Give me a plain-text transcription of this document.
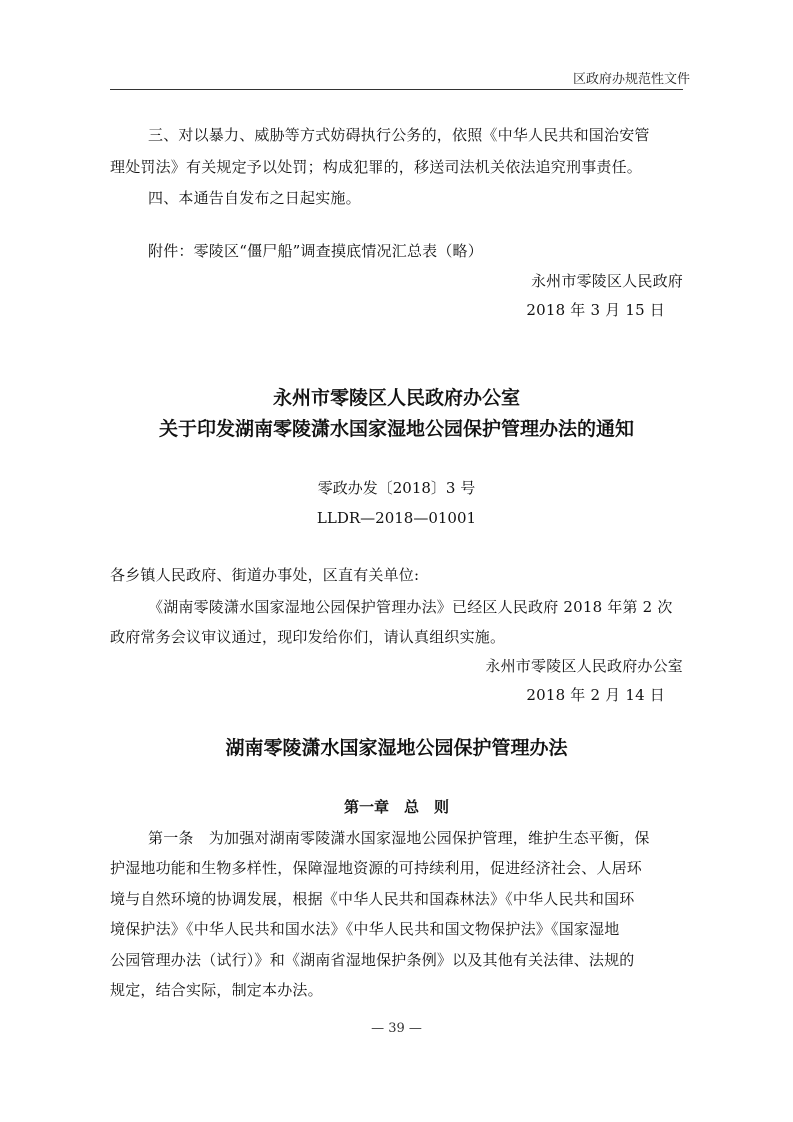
区政府办规范性文件
三、对以暴力、威胁等方式妨碍执行公务的，依照《中华人民共和国治安管
理处罚法》有关规定予以处罚；构成犯罪的，移送司法机关依法追究刑事责任。
四、本通告自发布之日起实施。
附件：零陵区“僵尸船”调查摸底情况汇总表（略）
永州市零陵区人民政府
2018 年 3 月 15 日
永州市零陵区人民政府办公室
关于印发湖南零陵潇水国家湿地公园保护管理办法的通知
零政办发〔2018〕3 号
LLDR—2018—01001
各乡镇人民政府、街道办事处，区直有关单位:
《湖南零陵潇水国家湿地公园保护管理办法》已经区人民政府 2018 年第 2 次
政府常务会议审议通过，现印发给你们，请认真组织实施。
永州市零陵区人民政府办公室
2018 年 2 月 14 日
湖南零陵潇水国家湿地公园保护管理办法
第一章　总　则
第一条　为加强对湖南零陵潇水国家湿地公园保护管理，维护生态平衡，保
护湿地功能和生物多样性，保障湿地资源的可持续利用，促进经济社会、人居环
境与自然环境的协调发展，根据《中华人民共和国森林法》《中华人民共和国环
境保护法》《中华人民共和国水法》《中华人民共和国文物保护法》《国家湿地
公园管理办法（试行）》和《湖南省湿地保护条例》以及其他有关法律、法规的
规定，结合实际，制定本办法。
— 39 —
